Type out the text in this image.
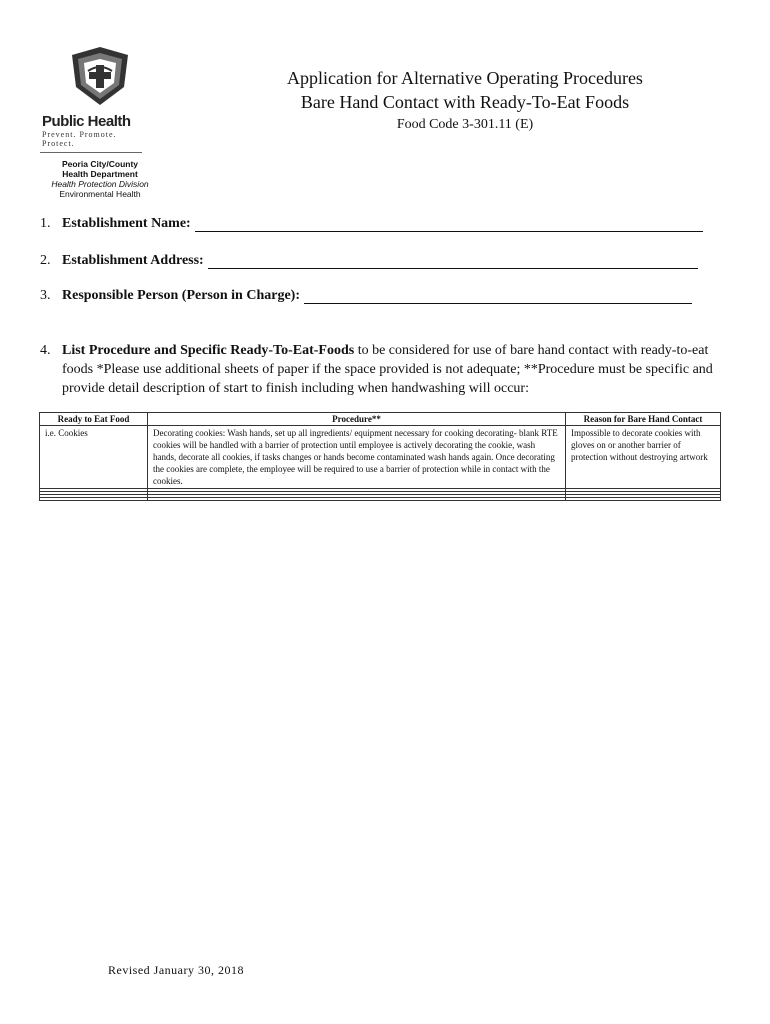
Public Health
Prevent. Promote. Protect.
Peoria City/County
Health Department
Health Protection Division
Environmental Health
Application for Alternative Operating Procedures
Bare Hand Contact with Ready-To-Eat Foods
Food Code 3-301.11 (E)
1. Establishment Name:
2. Establishment Address:
3. Responsible Person (Person in Charge):
4. List Procedure and Specific Ready-To-Eat-Foods to be considered for use of bare hand contact with ready-to-eat foods *Please use additional sheets of paper if the space provided is not adequate; **Procedure must be specific and provide detail description of start to finish including when handwashing will occur:
Ready to Eat Food	Procedure**	Reason for Bare Hand Contact
i.e. Cookies	Decorating cookies: Wash hands, set up all ingredients/ equipment necessary for cooking decorating- blank RTE cookies will be handled with a barrier of protection until employee is actively decorating the cookie, wash hands, decorate all cookies, if tasks changes or hands become contaminated wash hands again. Once decorating the cookies are complete, the employee will be required to use a barrier of protection while in contact with the cookies.	Impossible to decorate cookies with gloves on or another barrier of protection without destroying artwork

Revised January 30, 2018
